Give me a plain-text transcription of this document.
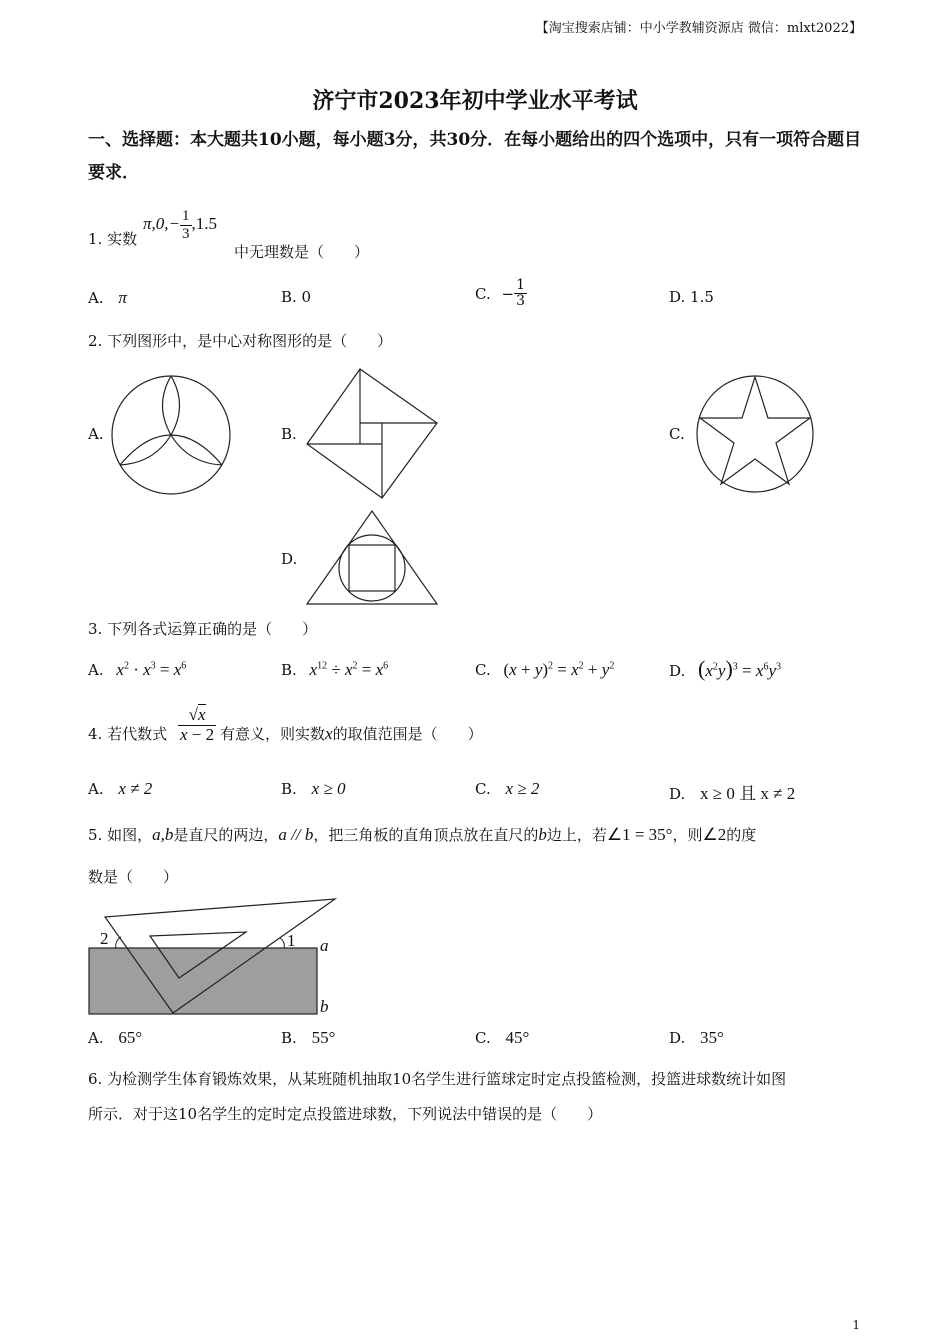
【淘宝搜索店铺：中小学教辅资源店 微信：mlxt2022】
济宁市2023年初中学业水平考试
一、选择题：本大题共10小题，每小题3分，共30分．在每小题给出的四个选项中，只有一项符合题目要求．
1. 实数
$\pi,0,- \frac{1}{3} ,1.5$
中无理数是（　　）
A. π	B. 0	C. − $\frac{1}{3}$	D. 1.5
2. 下列图形中，是中心对称图形的是（　　）
A.	B.	C.
D.
3. 下列各式运算正确的是（　　）
A. $x^2 \cdot x^3 = x^6$	B. $x^{12} \div x^2 = x^6$	C. $(x + y)^2 = x^2 + y^2$	D. $(x^2y)^3 = x^6y^3$
4. 若代数式 $\frac{√x}{x - 2}$ 有意义，则实数x的取值范围是（　　）
A. x ≠ 2	B. x ≥ 0	C. x ≥ 2	D. x ≥ 0 且 x ≠ 2
5. 如图，a,b是直尺的两边，a // b，把三角板的直角顶点放在直尺的b边上，若∠1 = 35°，则∠2的度
数是（　　）
2	1 a
b
A. 65°	B. 55°	C. 45°	D. 35°
6. 为检测学生体育锻炼效果，从某班随机抽取10名学生进行篮球定时定点投篮检测，投篮进球数统计如图
所示．对于这10名学生的定时定点投篮进球数，下列说法中错误的是（　　）
1
